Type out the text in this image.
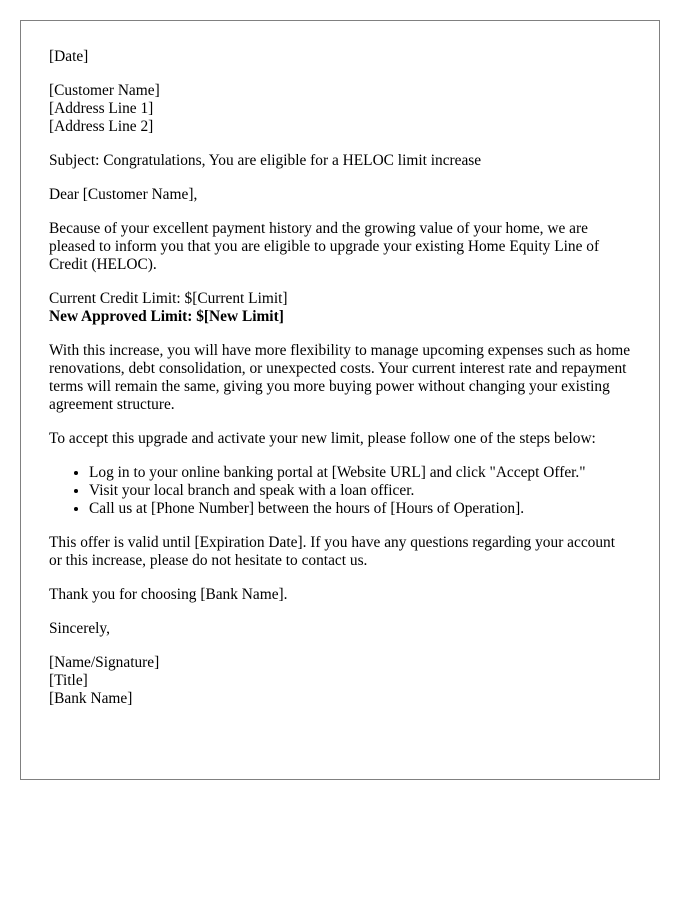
[Date]

[Customer Name]
[Address Line 1]
[Address Line 2]

Subject: Congratulations, You are eligible for a HELOC limit increase

Dear [Customer Name],

Because of your excellent payment history and the growing value of your home, we are pleased to inform you that you are eligible to upgrade your existing Home Equity Line of Credit (HELOC).

Current Credit Limit: $[Current Limit]
New Approved Limit: $[New Limit]

With this increase, you will have more flexibility to manage upcoming expenses such as home renovations, debt consolidation, or unexpected costs. Your current interest rate and repayment terms will remain the same, giving you more buying power without changing your existing agreement structure.

To accept this upgrade and activate your new limit, please follow one of the steps below:

• Log in to your online banking portal at [Website URL] and click "Accept Offer."
• Visit your local branch and speak with a loan officer.
• Call us at [Phone Number] between the hours of [Hours of Operation].

This offer is valid until [Expiration Date]. If you have any questions regarding your account or this increase, please do not hesitate to contact us.

Thank you for choosing [Bank Name].

Sincerely,

[Name/Signature]
[Title]
[Bank Name]
